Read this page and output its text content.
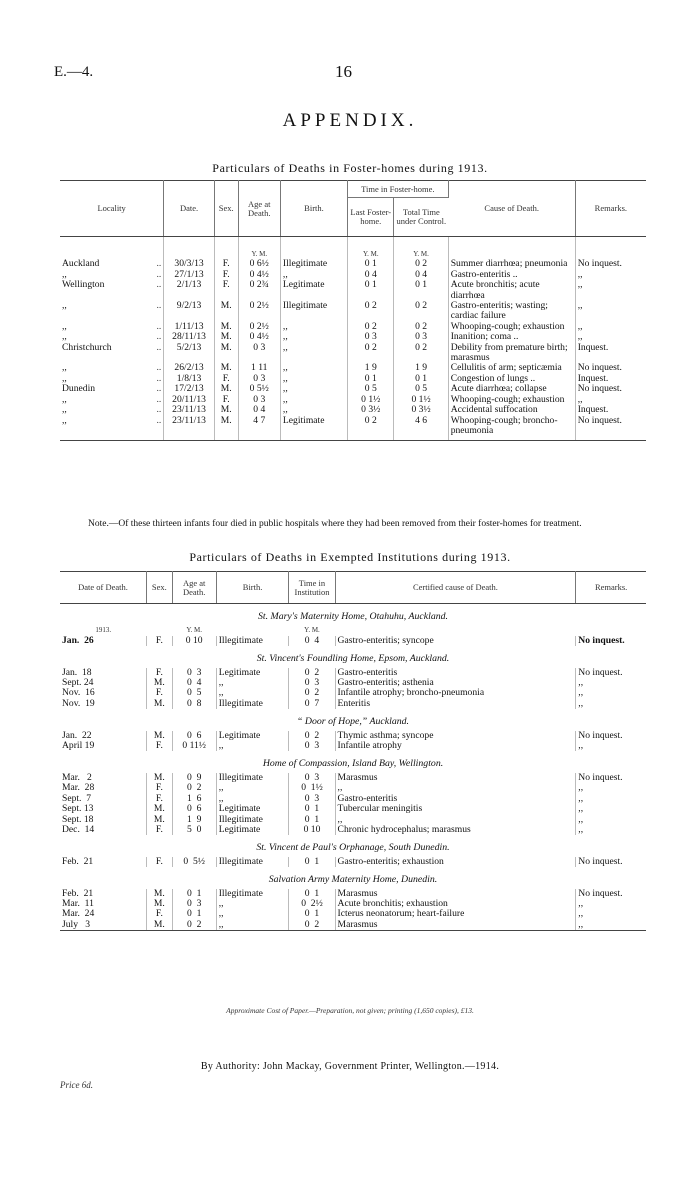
E.—4.	16
APPENDIX.
Particulars of Deaths in Foster-homes during 1913.
Locality	Date.	Sex.	Age at Death.	Birth.	Time in Foster-home.		Cause of Death.	Remarks.
					Last Foster-home.	Total Time under Control.		
			Y. M.		Y. M.	Y. M.		
Auckland ..	30/3/13	F.	0 6½	Illegitimate	0 1	0 2	Summer diarrhœa; pneumonia	No inquest.
,, ..	27/1/13	F.	0 4½	,,	0 4	0 4	Gastro-enteritis ..	,,
Wellington ..	2/1/13	F.	0 2¾	Legitimate	0 1	0 1	Acute bronchitis; acute diarrhœa	,,
,, ..	9/2/13	M.	0 2½	Illegitimate	0 2	0 2	Gastro-enteritis; wasting; cardiac failure	,,
,, ..	1/11/13	M.	0 2½	,,	0 2	0 2	Whooping-cough; exhaustion	,,
,, ..	28/11/13	M.	0 4½	,,	0 3	0 3	Inanition; coma ..	,,
Christchurch ..	5/2/13	M.	0 3	,,	0 2	0 2	Debility from premature birth; marasmus	Inquest.
,, ..	26/2/13	M.	1 11	,,	1 9	1 9	Cellulitis of arm; septicæmia	No inquest.
,, ..	1/8/13	F.	0 3	,,	0 1	0 1	Congestion of lungs ..	Inquest.
Dunedin ..	17/2/13	M.	0 5½	,,	0 5	0 5	Acute diarrhœa; collapse	No inquest.
,, ..	20/11/13	F.	0 3	,,	0 1½	0 1½	Whooping-cough; exhaustion	,,
,, ..	23/11/13	M.	0 4	,,	0 3½	0 3½	Accidental suffocation	Inquest.
,, ..	23/11/13	M.	4 7	Legitimate	0 2	4 6	Whooping-cough; broncho-pneumonia	No inquest.
Note.—Of these thirteen infants four died in public hospitals where they had been removed from their foster-homes for treatment.
Particulars of Deaths in Exempted Institutions during 1913.
Date of Death.	Sex.	Age at Death.	Birth.	Time in Institution	Certified cause of Death.	Remarks.
St. Mary's Maternity Home, Otahuhu, Auckland.						
1913.		Y. M.		Y. M.		
Jan.  26	F.	0 10	Illegitimate	0  4	Gastro-enteritis; syncope	No inquest.
St. Vincent's Foundling Home, Epsom, Auckland.						
Jan.  18	F.	0  3	Legitimate	0  2	Gastro-enteritis	No inquest.
Sept. 24	M.	0  4	,,	0  3	Gastro-enteritis; asthenia	,,
Nov.  16	F.	0  5	,,	0  2	Infantile atrophy; broncho-pneumonia	,,
Nov.  19	M.	0  8	Illegitimate	0  7	Enteritis	,,
“ Door of Hope,” Auckland.						
Jan.  22	M.	0  6	Legitimate	0  2	Thymic asthma; syncope	No inquest.
April 19	F.	0 11½	,,	0  3	Infantile atrophy	,,
Home of Compassion, Island Bay, Wellington.						
Mar.   2	M.	0  9	Illegitimate	0  3	Marasmus	No inquest.
Mar.  28	F.	0  2	,,	0  1½	,,	,,
Sept.  7	F.	1  6	,,	0  3	Gastro-enteritis	,,
Sept. 13	M.	0  6	Legitimate	0  1	Tubercular meningitis	,,
Sept. 18	M.	1  9	Illegitimate	0  1	,,	,,
Dec.  14	F.	5  0	Legitimate	0 10	Chronic hydrocephalus; marasmus	,,
St. Vincent de Paul's Orphanage, South Dunedin.						
Feb.  21	F.	0  5½	Illegitimate	0  1	Gastro-enteritis; exhaustion	No inquest.
Salvation Army Maternity Home, Dunedin.						
Feb.  21	M.	0  1	Illegitimate	0  1	Marasmus	No inquest.
Mar.  11	M.	0  3	,,	0  2½	Acute bronchitis; exhaustion	,,
Mar.  24	F.	0  1	,,	0  1	Icterus neonatorum; heart-failure	,,
July   3	M.	0  2	,,	0  2	Marasmus	,,
Approximate Cost of Paper.—Preparation, not given; printing (1,650 copies), £13.
By Authority: John Mackay, Government Printer, Wellington.—1914.
Price 6d.
